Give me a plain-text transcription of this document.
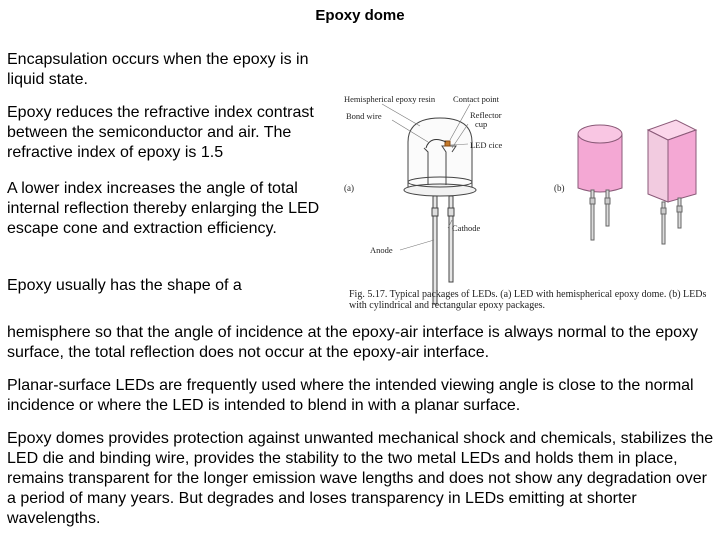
Epoxy dome

Encapsulation occurs when the epoxy is in liquid state.

Epoxy reduces the refractive index contrast between the semiconductor and air. The refractive index of epoxy is 1.5

A lower index increases the angle of total internal reflection thereby enlarging the LED escape cone and extraction efficiency.

Epoxy usually has the shape of a

hemisphere so that the angle of incidence at the epoxy-air interface is always normal to the epoxy surface, the total reflection does not occur at the epoxy-air interface.

Planar-surface LEDs are frequently used where the intended viewing angle is close to the normal incidence or where the LED is intended to blend in with a planar surface.

Epoxy domes provides protection against unwanted mechanical shock and chemicals, stabilizes the LED die and binding wire, provides the stability to the two metal LEDs and holds them in place, remains transparent for the longer emission wave lengths and does not show any degradation over a period of many years. But degrades and loses transparency in LEDs emitting at shorter wavelengths.

Hemispherical epoxy resin Contact point
Bond wire	Reflector
cup
LED cice
(a)	(b)
Cathode
Anode
Fig. 5.17. Typical packages of LEDs. (a) LED with hemispherical epoxy dome. (b) LEDs
with cylindrical and rectangular epoxy packages.
